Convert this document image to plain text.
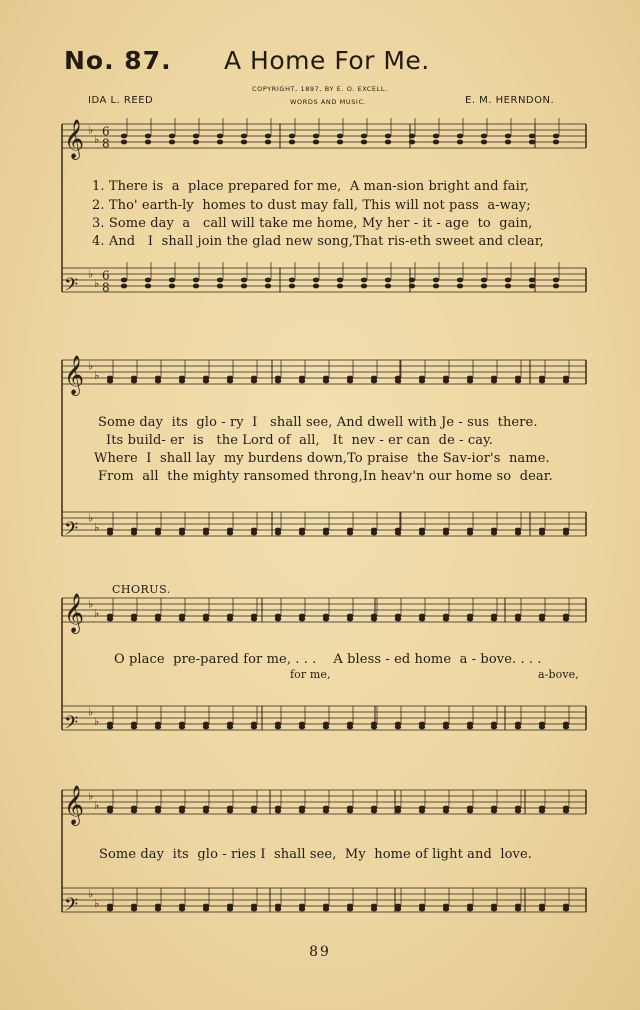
No. 87. A Home For Me.
COPYRIGHT, 1897, BY E. O. EXCELL.
WORDS AND MUSIC.
IDA L. REED	E. M. HERNDON.
𝄞 ♭
♭
6
8
𝄢
♭
♭
6
8
𝄞 ♭
♭
𝄢
♭
♭
𝄞 ♭
♭
𝄢
♭
♭
𝄞 ♭
♭
𝄢
♭
♭
1. There is  a  place prepared for me,  A man-sion bright and fair,
2. Tho' earth-ly  homes to dust may fall, This will not pass  a-way;
3. Some day  a   call will take me home, My her - it - age  to  gain,
4. And   I  shall join the glad new song,That ris-eth sweet and clear,
Some day  its  glo - ry  I   shall see, And dwell with Je - sus  there.
Its build- er  is   the Lord of  all,   It  nev - er can  de - cay.
Where  I  shall lay  my burdens down,To praise  the Sav-ior's  name.
From  all  the mighty ransomed throng,In heav'n our home so  dear.
CHORUS.
O place  pre-pared for me, . . .    A bless - ed home  a - bove. . . .
for me,	a-bove,
Some day  its  glo - ries I  shall see,  My  home of light and  love.
89
